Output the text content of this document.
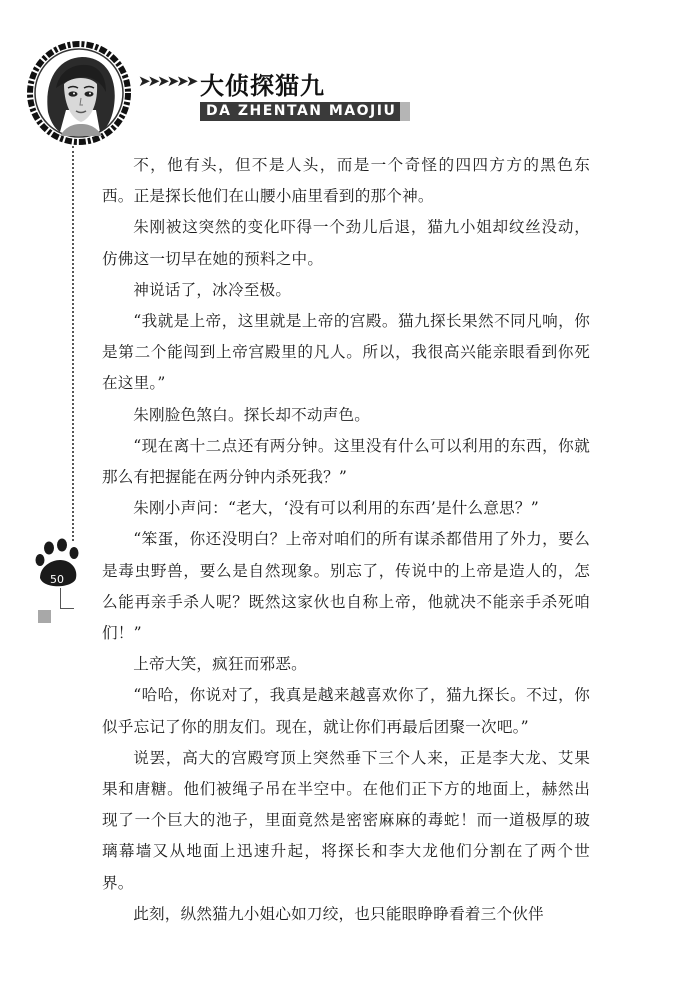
➤➤➤➤➤➤ 大侦探猫九
DA ZHENTAN MAOJIU
50

不，他有头，但不是人头，而是一个奇怪的四四方方的黑色东西。正是探长他们在山腰小庙里看到的那个神。

朱刚被这突然的变化吓得一个劲儿后退，猫九小姐却纹丝没动，仿佛这一切早在她的预料之中。

神说话了，冰冷至极。

“我就是上帝，这里就是上帝的宫殿。猫九探长果然不同凡响，你是第二个能闯到上帝宫殿里的凡人。所以，我很高兴能亲眼看到你死在这里。”

朱刚脸色煞白。探长却不动声色。

“现在离十二点还有两分钟。这里没有什么可以利用的东西，你就那么有把握能在两分钟内杀死我？”

朱刚小声问：“老大，‘没有可以利用的东西’是什么意思？”

“笨蛋，你还没明白？上帝对咱们的所有谋杀都借用了外力，要么是毒虫野兽，要么是自然现象。别忘了，传说中的上帝是造人的，怎么能再亲手杀人呢？既然这家伙也自称上帝，他就决不能亲手杀死咱们！”

上帝大笑，疯狂而邪恶。

“哈哈，你说对了，我真是越来越喜欢你了，猫九探长。不过，你似乎忘记了你的朋友们。现在，就让你们再最后团聚一次吧。”

说罢，高大的宫殿穹顶上突然垂下三个人来，正是李大龙、艾果果和唐糖。他们被绳子吊在半空中。在他们正下方的地面上，赫然出现了一个巨大的池子，里面竟然是密密麻麻的毒蛇！而一道极厚的玻璃幕墙又从地面上迅速升起，将探长和李大龙他们分割在了两个世界。

此刻，纵然猫九小姐心如刀绞，也只能眼睁睁看着三个伙伴
